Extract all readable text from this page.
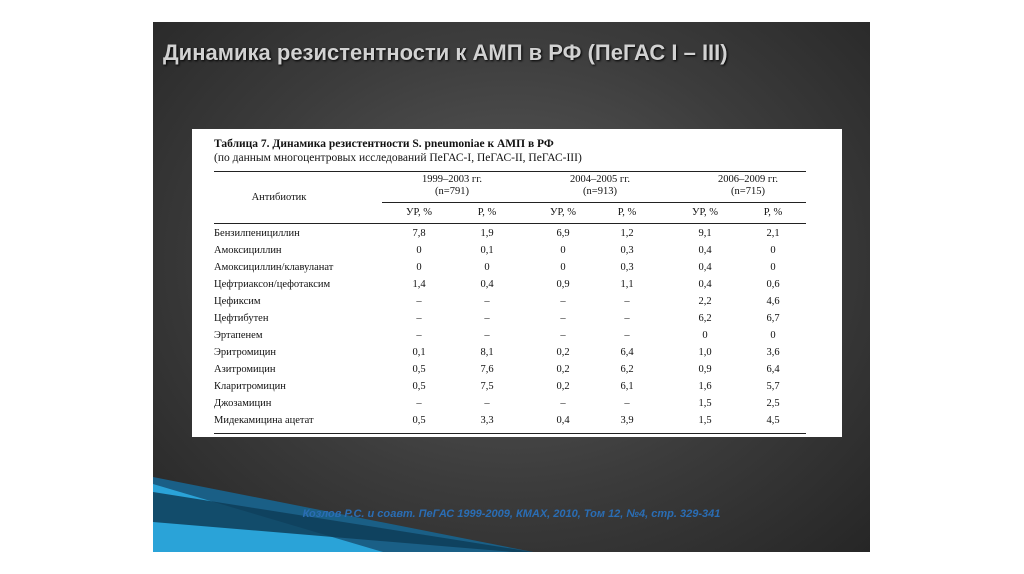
Динамика резистентности к АМП в РФ (ПеГАС I – III)
Таблица 7. Динамика резистентности S. pneumoniae к АМП в РФ
(по данным многоцентровых исследований ПеГАС-I, ПеГАС-II, ПеГАС-III)
Антибиотик
1999–2003 гг.
(n=791)
2004–2005 гг.
(n=913)
2006–2009 гг.
(n=715)
УР, %	Р, %	УР, %	Р, %	УР, %	Р, %
Бензилпенициллин	7,8	1,9	6,9	1,2	9,1	2,1
Амоксициллин	0	0,1	0	0,3	0,4	0
Амоксициллин/клавуланат	0	0	0	0,3	0,4	0
Цефтриаксон/цефотаксим	1,4	0,4	0,9	1,1	0,4	0,6
Цефиксим	–	–	–	–	2,2	4,6
Цефтибутен	–	–	–	–	6,2	6,7
Эртапенем	–	–	–	–	0	0
Эритромицин	0,1	8,1	0,2	6,4	1,0	3,6
Азитромицин	0,5	7,6	0,2	6,2	0,9	6,4
Кларитромицин	0,5	7,5	0,2	6,1	1,6	5,7
Джозамицин	–	–	–	–	1,5	2,5
Мидекамицина ацетат	0,5	3,3	0,4	3,9	1,5	4,5
Козлов Р.С. и соавт. ПеГАС 1999-2009, КМАХ, 2010, Том 12, №4, стр. 329-341
